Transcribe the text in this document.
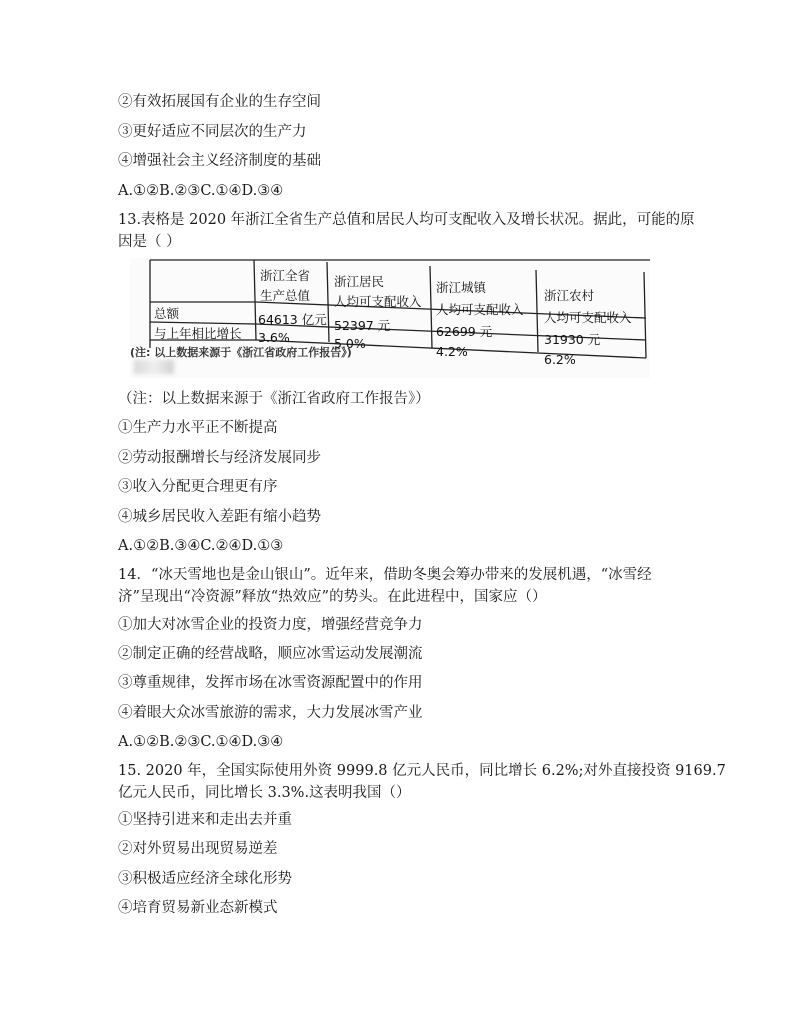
②有效拓展国有企业的生存空间
③更好适应不同层次的生产力
④增强社会主义经济制度的基础
A.①②B.②③C.①④D.③④
13.表格是 2020 年浙江全省生产总值和居民人均可支配收入及增长状况。据此，可能的原
因是（ ）
总额
与上年相比增长
浙江全省
生产总值
64613 亿元
3.6%
浙江居民
人均可支配收入
52397 元
5.0%
浙江城镇
人均可支配收入
62699 元
4.2%
浙江农村
人均可支配收入
31930 元
6.2%
(注: 以上数据来源于《浙江省政府工作报告》)
（注：以上数据来源于《浙江省政府工作报告》）
①生产力水平正不断提高
②劳动报酬增长与经济发展同步
③收入分配更合理更有序
④城乡居民收入差距有缩小趋势
A.①②B.③④C.②④D.①③
14．“冰天雪地也是金山银山”。近年来，借助冬奥会筹办带来的发展机遇，“冰雪经
济”呈现出“冷资源”释放“热效应”的势头。在此进程中，国家应（）
①加大对冰雪企业的投资力度，增强经营竞争力
②制定正确的经营战略，顺应冰雪运动发展潮流
③尊重规律，发挥市场在冰雪资源配置中的作用
④着眼大众冰雪旅游的需求，大力发展冰雪产业
A.①②B.②③C.①④D.③④
15. 2020 年，全国实际使用外资 9999.8 亿元人民币，同比增长 6.2%;对外直接投资 9169.7
亿元人民币，同比增长 3.3%.这表明我国（）
①坚持引进来和走出去并重
②对外贸易出现贸易逆差
③积极适应经济全球化形势
④培育贸易新业态新模式
